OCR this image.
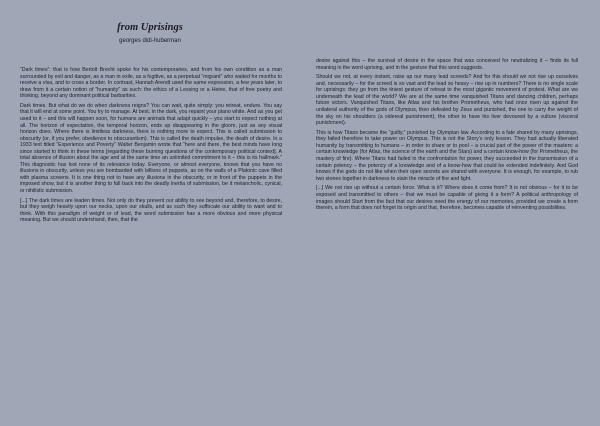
from Uprisings
georges didi-huberman

“Dark times”: that is how Bertolt Brecht spoke for his contemporaries, and from his own condition as a man surrounded by evil and danger, as a man in exile, as a fugitive, as a perpetual “migrant” who waited for months to receive a visa, and to cross a border. In contrast, Hannah Arendt used the same expression, a few years later, to draw from it a certain notion of “humanity” as such: the ethics of a Lessing or a Heine, that of free poetry and thinking, beyond any dominant political barbarities.

Dark times. But what do we do when darkness reigns? You can wait, quite simply: you retreat, endure. You say that it will end at some point. You try to manage. At best, in the dark, you repaint your piano white. And as you get used to it – and this will happen soon, for humans are animals that adapt quickly – you start to expect nothing at all. The horizon of expectation, the temporal horizon, ends up disappearing in the gloom, just as any visual horizon does. Where there is limitless darkness, there is nothing more to expect. This is called submission to obscurity (or, if you prefer, obedience to obscurantism). This is called the death impulse, the death of desire. In a 1933 text titled “Experience and Poverty” Walter Benjamin wrote that “here and there, the best minds have long since started to think in these terms [regarding these burning questions of the contemporary political context]. A total absence of illusion about the age and at the same time an unlimited commitment to it – this is its hallmark.” This diagnostic has lost none of its relevance today. Everyone, or almost everyone, knows that you have no illusions in obscurity, unless you are bombarded with billions of puppets, as on the walls of a Platonic cave filled with plasma screens. It is one thing not to have any illusions in the obscurity, or in front of the puppets in the imposed show, but it is another thing to fall back into the deadly inertia of submission, be it melancholic, cynical, or nihilistic submission.

[...] The dark times are leaden times. Not only do they prevent our ability to see beyond and, therefore, to desire, but they weigh heavily upon our necks, upon our skulls, and as such they suffocate our ability to want and to think. With this paradigm of weight or of lead, the word submission has a more obvious and more physical meaning. But we should undershand, then, that the

desire against this – the survival of desire in the space that was conceived for neutralizing it – finds its full meaning in the word uprising, and in the gesture that this word suggests.

Should we not, at every instant, raise up our many lead screeds? And for this should we not rise up ourselves and, necessarily – for the screed is so vast and the lead so heavy – rise up in numbers? There is no single scale for uprisings: they go from the tiniest gesture of retreat to the most gigantic movement of protest. What are we underneath the lead of the world? We are at the same time vanquished Titans and dancing children, perhaps future victors. Vanquished Titans, like Atlas and his brother Prometheus, who had once risen up against the unilateral authority of the gods of Olympus, then defeated by Zeus and punished, the one to carry the weight of the sky on his shoulders (a sidereal punishment), the other to have his liver devoured by a vulture (visceral punishment).

This is how Titans became the “guilty,” punished by Olympian law. According to a fate shared by many uprisings, they failed therefore to take power on Olympus. This is not the Story’s only lesson. They had actually liberated humanity by transmitting to humans – in order to share or to pool – a crucial part of the power of the masters: a certain knowledge (for Atlas, the science of the earth and the Stars) and a certain know-how (for Prometheus, the mastery of fire). Where Titans had failed in the confrontation for power, they succeeded in the transmission of a certain potency – the potency of a knowledge and of a know-how that could be extended indefinitely. And God knows if the gods do not like when their open secrets are shared with everyone. It is enough, for example, to rub two stones together in darkness to stain the miracle of fire and light.

[...] We not rise up without a certain force. What is it? Where does it come from? It is not obvious – for it to be exposed and transmitted to others – that we must be capable of giving it a form? A political anthropology of images should Start from the fact that our desires need the energy of our memories, provided we create a form therein, a form that does not forget its origin and that, therefore, becomes capable of reinventing possibilities.
